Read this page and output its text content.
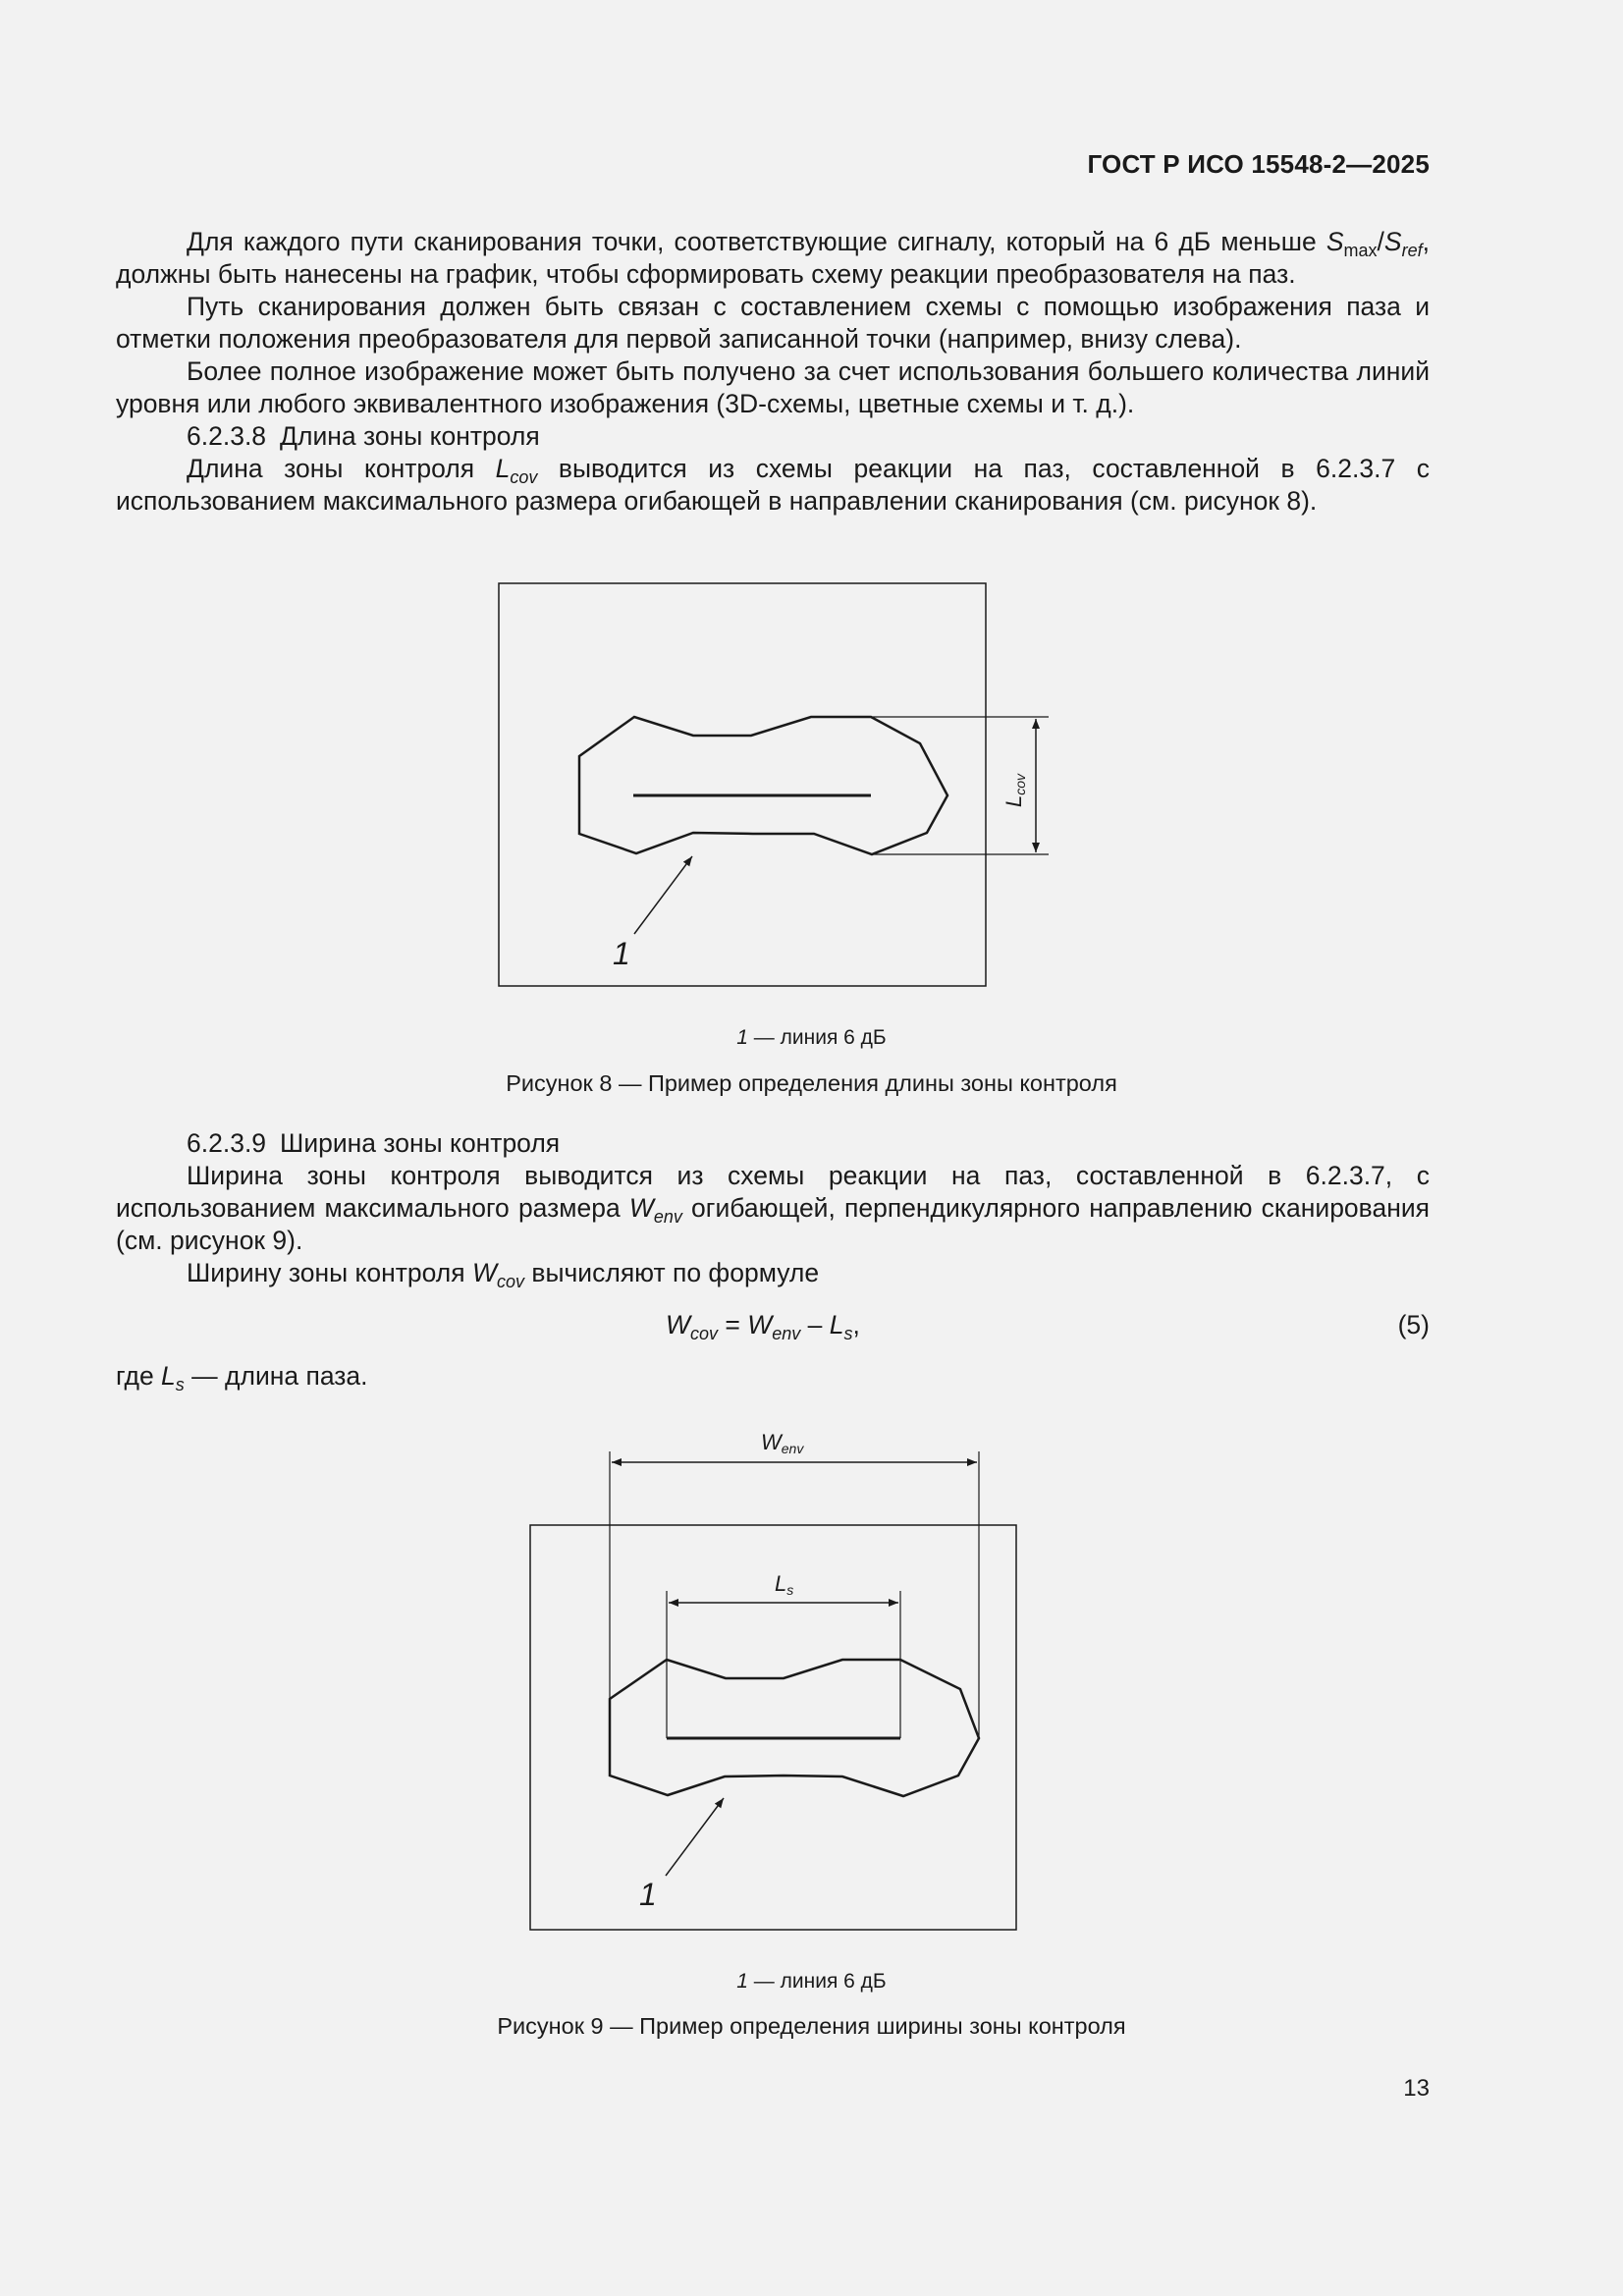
ГОСТ Р ИСО 15548-2—2025

Для каждого пути сканирования точки, соответствующие сигналу, который на 6 дБ меньше $S_{max}/S_{ref}$, должны быть нанесены на график, чтобы сформировать схему реакции преобразователя на паз.

Путь сканирования должен быть связан с составлением схемы с помощью изображения паза и отметки положения преобразователя для первой записанной точки (например, внизу слева).

Более полное изображение может быть получено за счет использования большего количества линий уровня или любого эквивалентного изображения (3D-схемы, цветные схемы и т. д.).

6.2.3.8 Длина зоны контроля

Длина зоны контроля $L_{cov}$ выводится из схемы реакции на паз, составленной в 6.2.3.7 с использованием максимального размера огибающей в направлении сканирования (см. рисунок 8).

Lcov
1
1 — линия 6 дБ
Рисунок 8 — Пример определения длины зоны контроля

6.2.3.9 Ширина зоны контроля

Ширина зоны контроля выводится из схемы реакции на паз, составленной в 6.2.3.7, с использованием максимального размера $W_{env}$ огибающей, перпендикулярного направлению сканирования (см. рисунок 9).

Ширину зоны контроля $W_{cov}$ вычисляют по формуле

$W_{cov} = W_{env} - L_s$,	(5)

где $L_s$ — длина паза.

Wenv
Ls
1
1 — линия 6 дБ
Рисунок 9 — Пример определения ширины зоны контроля
13
